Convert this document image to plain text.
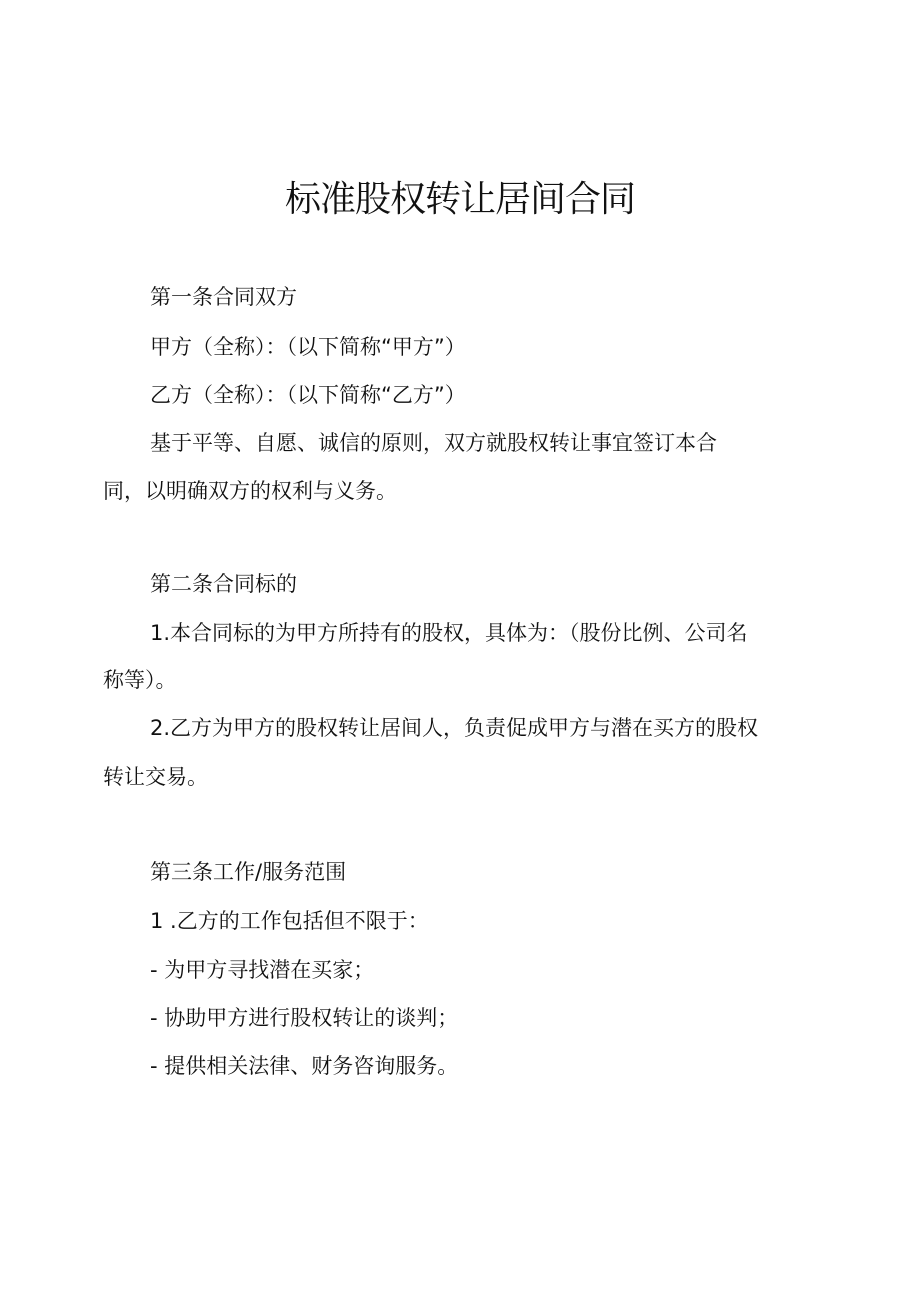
标准股权转让居间合同
第一条合同双方
甲方（全称）：（以下简称“甲方”）
乙方（全称）：（以下简称“乙方”）
基于平等、自愿、诚信的原则，双方就股权转让事宜签订本合
同，以明确双方的权利与义务。
第二条合同标的
1.本合同标的为甲方所持有的股权，具体为：（股份比例、公司名
称等）。
2.乙方为甲方的股权转让居间人，负责促成甲方与潜在买方的股权
转让交易。
第三条工作/服务范围
1 .乙方的工作包括但不限于：
- 为甲方寻找潜在买家；
- 协助甲方进行股权转让的谈判；
- 提供相关法律、财务咨询服务。
